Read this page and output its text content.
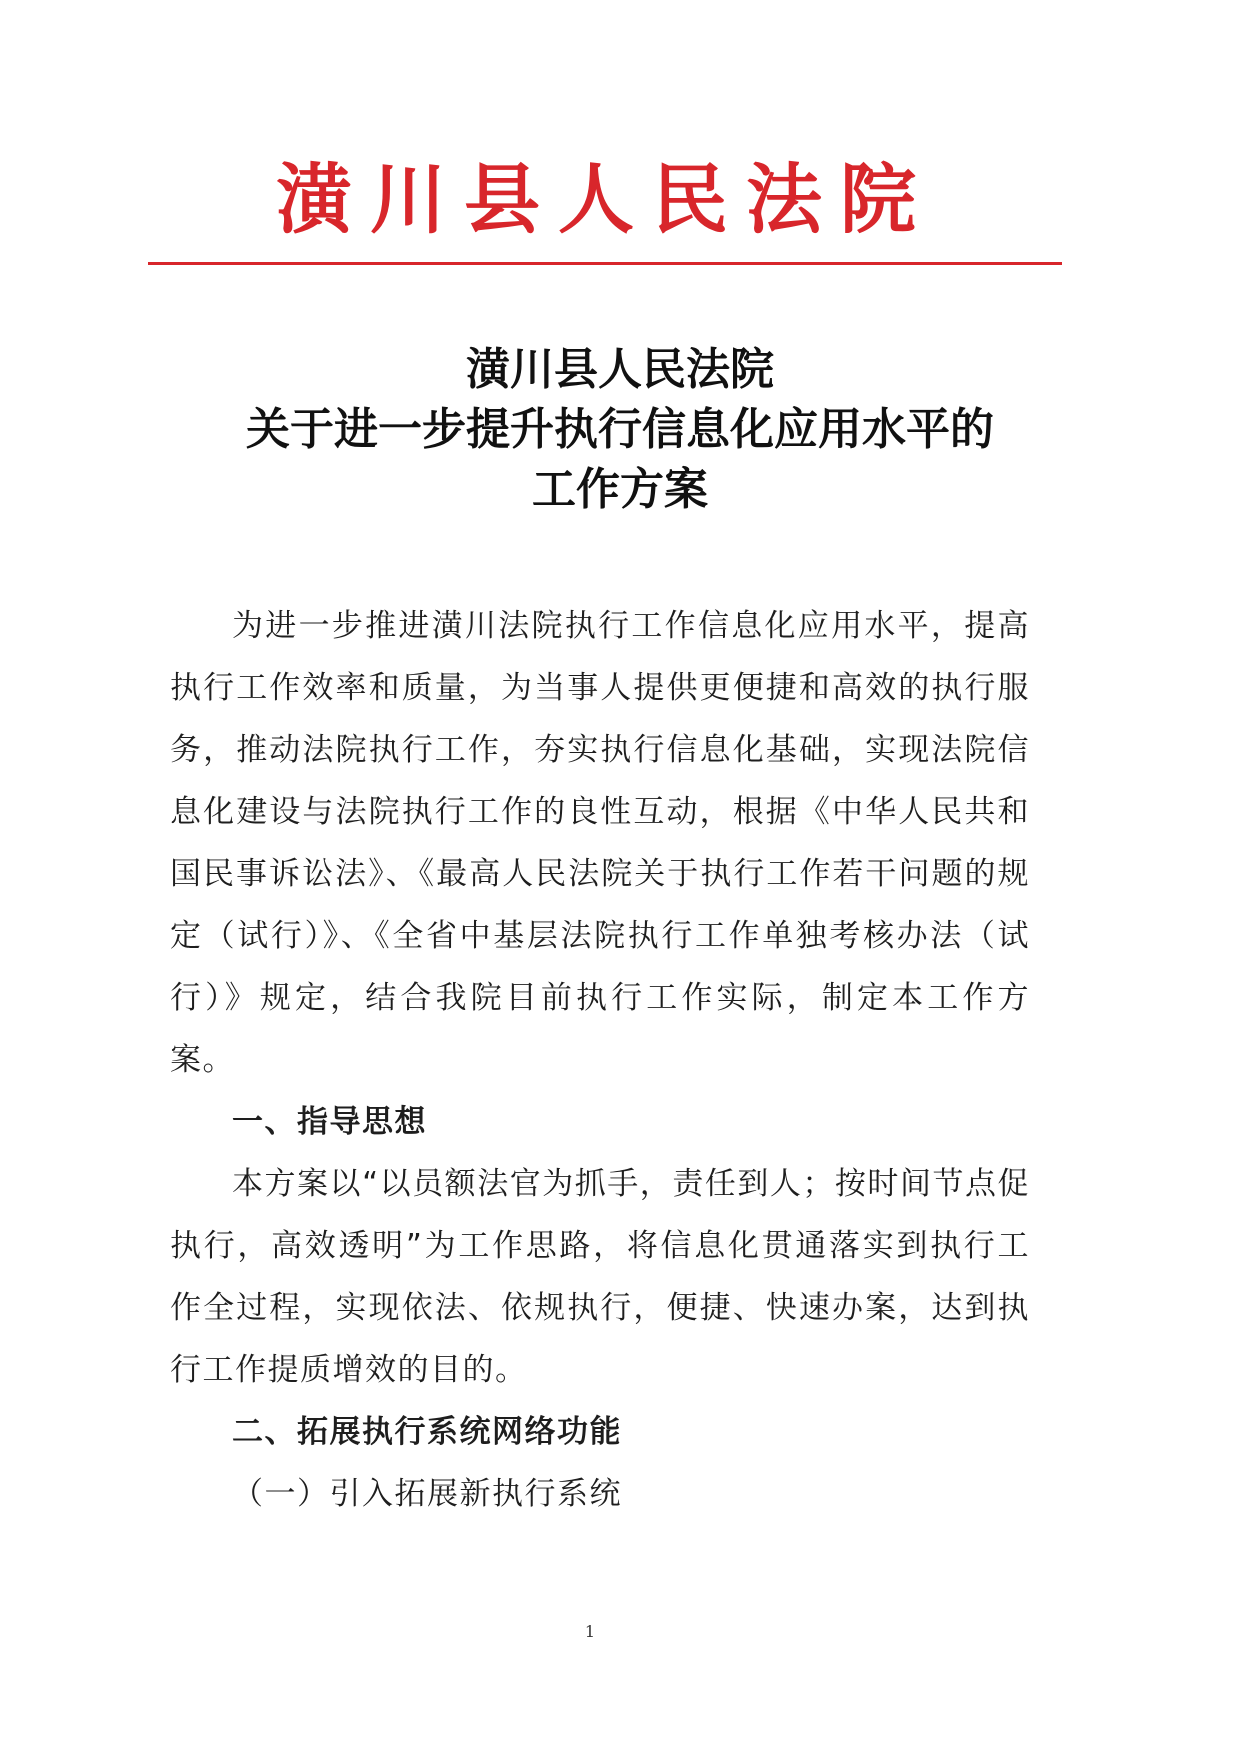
潢川县人民法院
潢川县人民法院
关于进一步提升执行信息化应用水平的
工作方案

为进一步推进潢川法院执行工作信息化应用水平，提高执行工作效率和质量，为当事人提供更便捷和高效的执行服务，推动法院执行工作，夯实执行信息化基础，实现法院信息化建设与法院执行工作的良性互动，根据《中华人民共和国民事诉讼法》、《最高人民法院关于执行工作若干问题的规定（试行）》、《全省中基层法院执行工作单独考核办法（试行）》规定，结合我院目前执行工作实际，制定本工作方案。

一、指导思想

本方案以“以员额法官为抓手，责任到人；按时间节点促执行，高效透明”为工作思路，将信息化贯通落实到执行工作全过程，实现依法、依规执行，便捷、快速办案，达到执行工作提质增效的目的。

二、拓展执行系统网络功能

（一）引入拓展新执行系统

1
